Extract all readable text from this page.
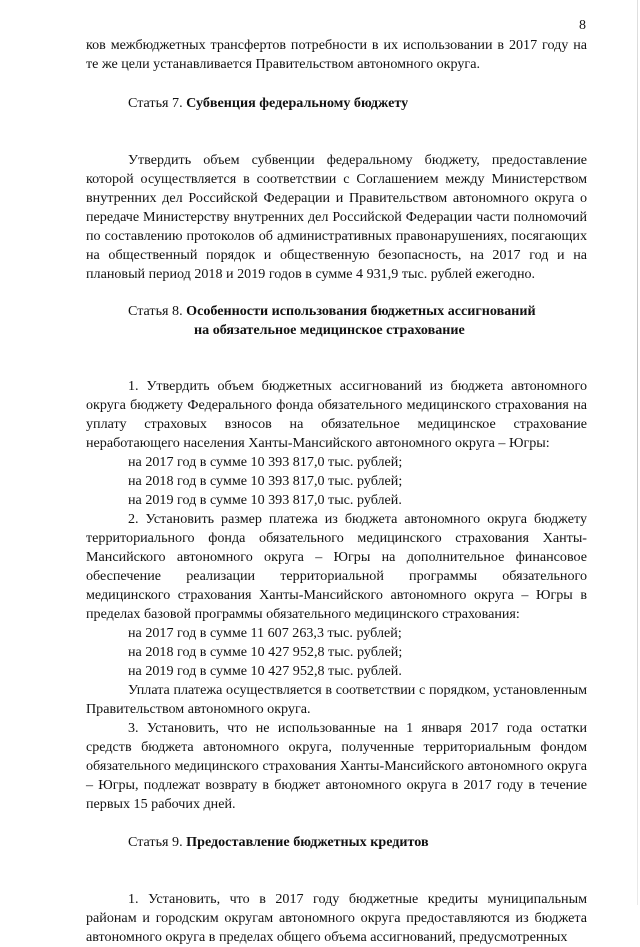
8

ков межбюджетных трансфертов потребности в их использовании в 2017 году на те же цели устанавливается Правительством автономного округа.

Статья 7. Субвенция федеральному бюджету

Утвердить объем субвенции федеральному бюджету, предоставление которой осуществляется в соответствии с Соглашением между Министерством внутренних дел Российской Федерации и Правительством автономного округа о передаче Министерству внутренних дел Российской Федерации части полномочий по составлению протоколов об административных правонарушениях, посягающих на общественный порядок и общественную безопасность, на 2017 год и на плановый период 2018 и 2019 годов в сумме 4 931,9 тыс. рублей ежегодно.

Статья 8. Особенности использования бюджетных ассигнований
на обязательное медицинское страхование

1. Утвердить объем бюджетных ассигнований из бюджета автономного округа бюджету Федерального фонда обязательного медицинского страхования на уплату страховых взносов на обязательное медицинское страхование неработающего населения Ханты-Мансийского автономного округа – Югры:

на 2017 год в сумме 10 393 817,0 тыс. рублей;

на 2018 год в сумме 10 393 817,0 тыс. рублей;

на 2019 год в сумме 10 393 817,0 тыс. рублей.

2. Установить размер платежа из бюджета автономного округа бюджету территориального фонда обязательного медицинского страхования Ханты-Мансийского автономного округа – Югры на дополнительное финансовое обеспечение реализации территориальной программы обязательного медицинского страхования Ханты-Мансийского автономного округа – Югры в пределах базовой программы обязательного медицинского страхования:

на 2017 год в сумме 11 607 263,3 тыс. рублей;

на 2018 год в сумме 10 427 952,8 тыс. рублей;

на 2019 год в сумме 10 427 952,8 тыс. рублей.

Уплата платежа осуществляется в соответствии с порядком, установленным Правительством автономного округа.

3. Установить, что не использованные на 1 января 2017 года остатки средств бюджета автономного округа, полученные территориальным фондом обязательного медицинского страхования Ханты-Мансийского автономного округа – Югры, подлежат возврату в бюджет автономного округа в 2017 году в течение первых 15 рабочих дней.

Статья 9. Предоставление бюджетных кредитов

1. Установить, что в 2017 году бюджетные кредиты муниципальным районам и городским округам автономного округа предоставляются из бюджета автономного округа в пределах общего объема ассигнований, предусмотренных
